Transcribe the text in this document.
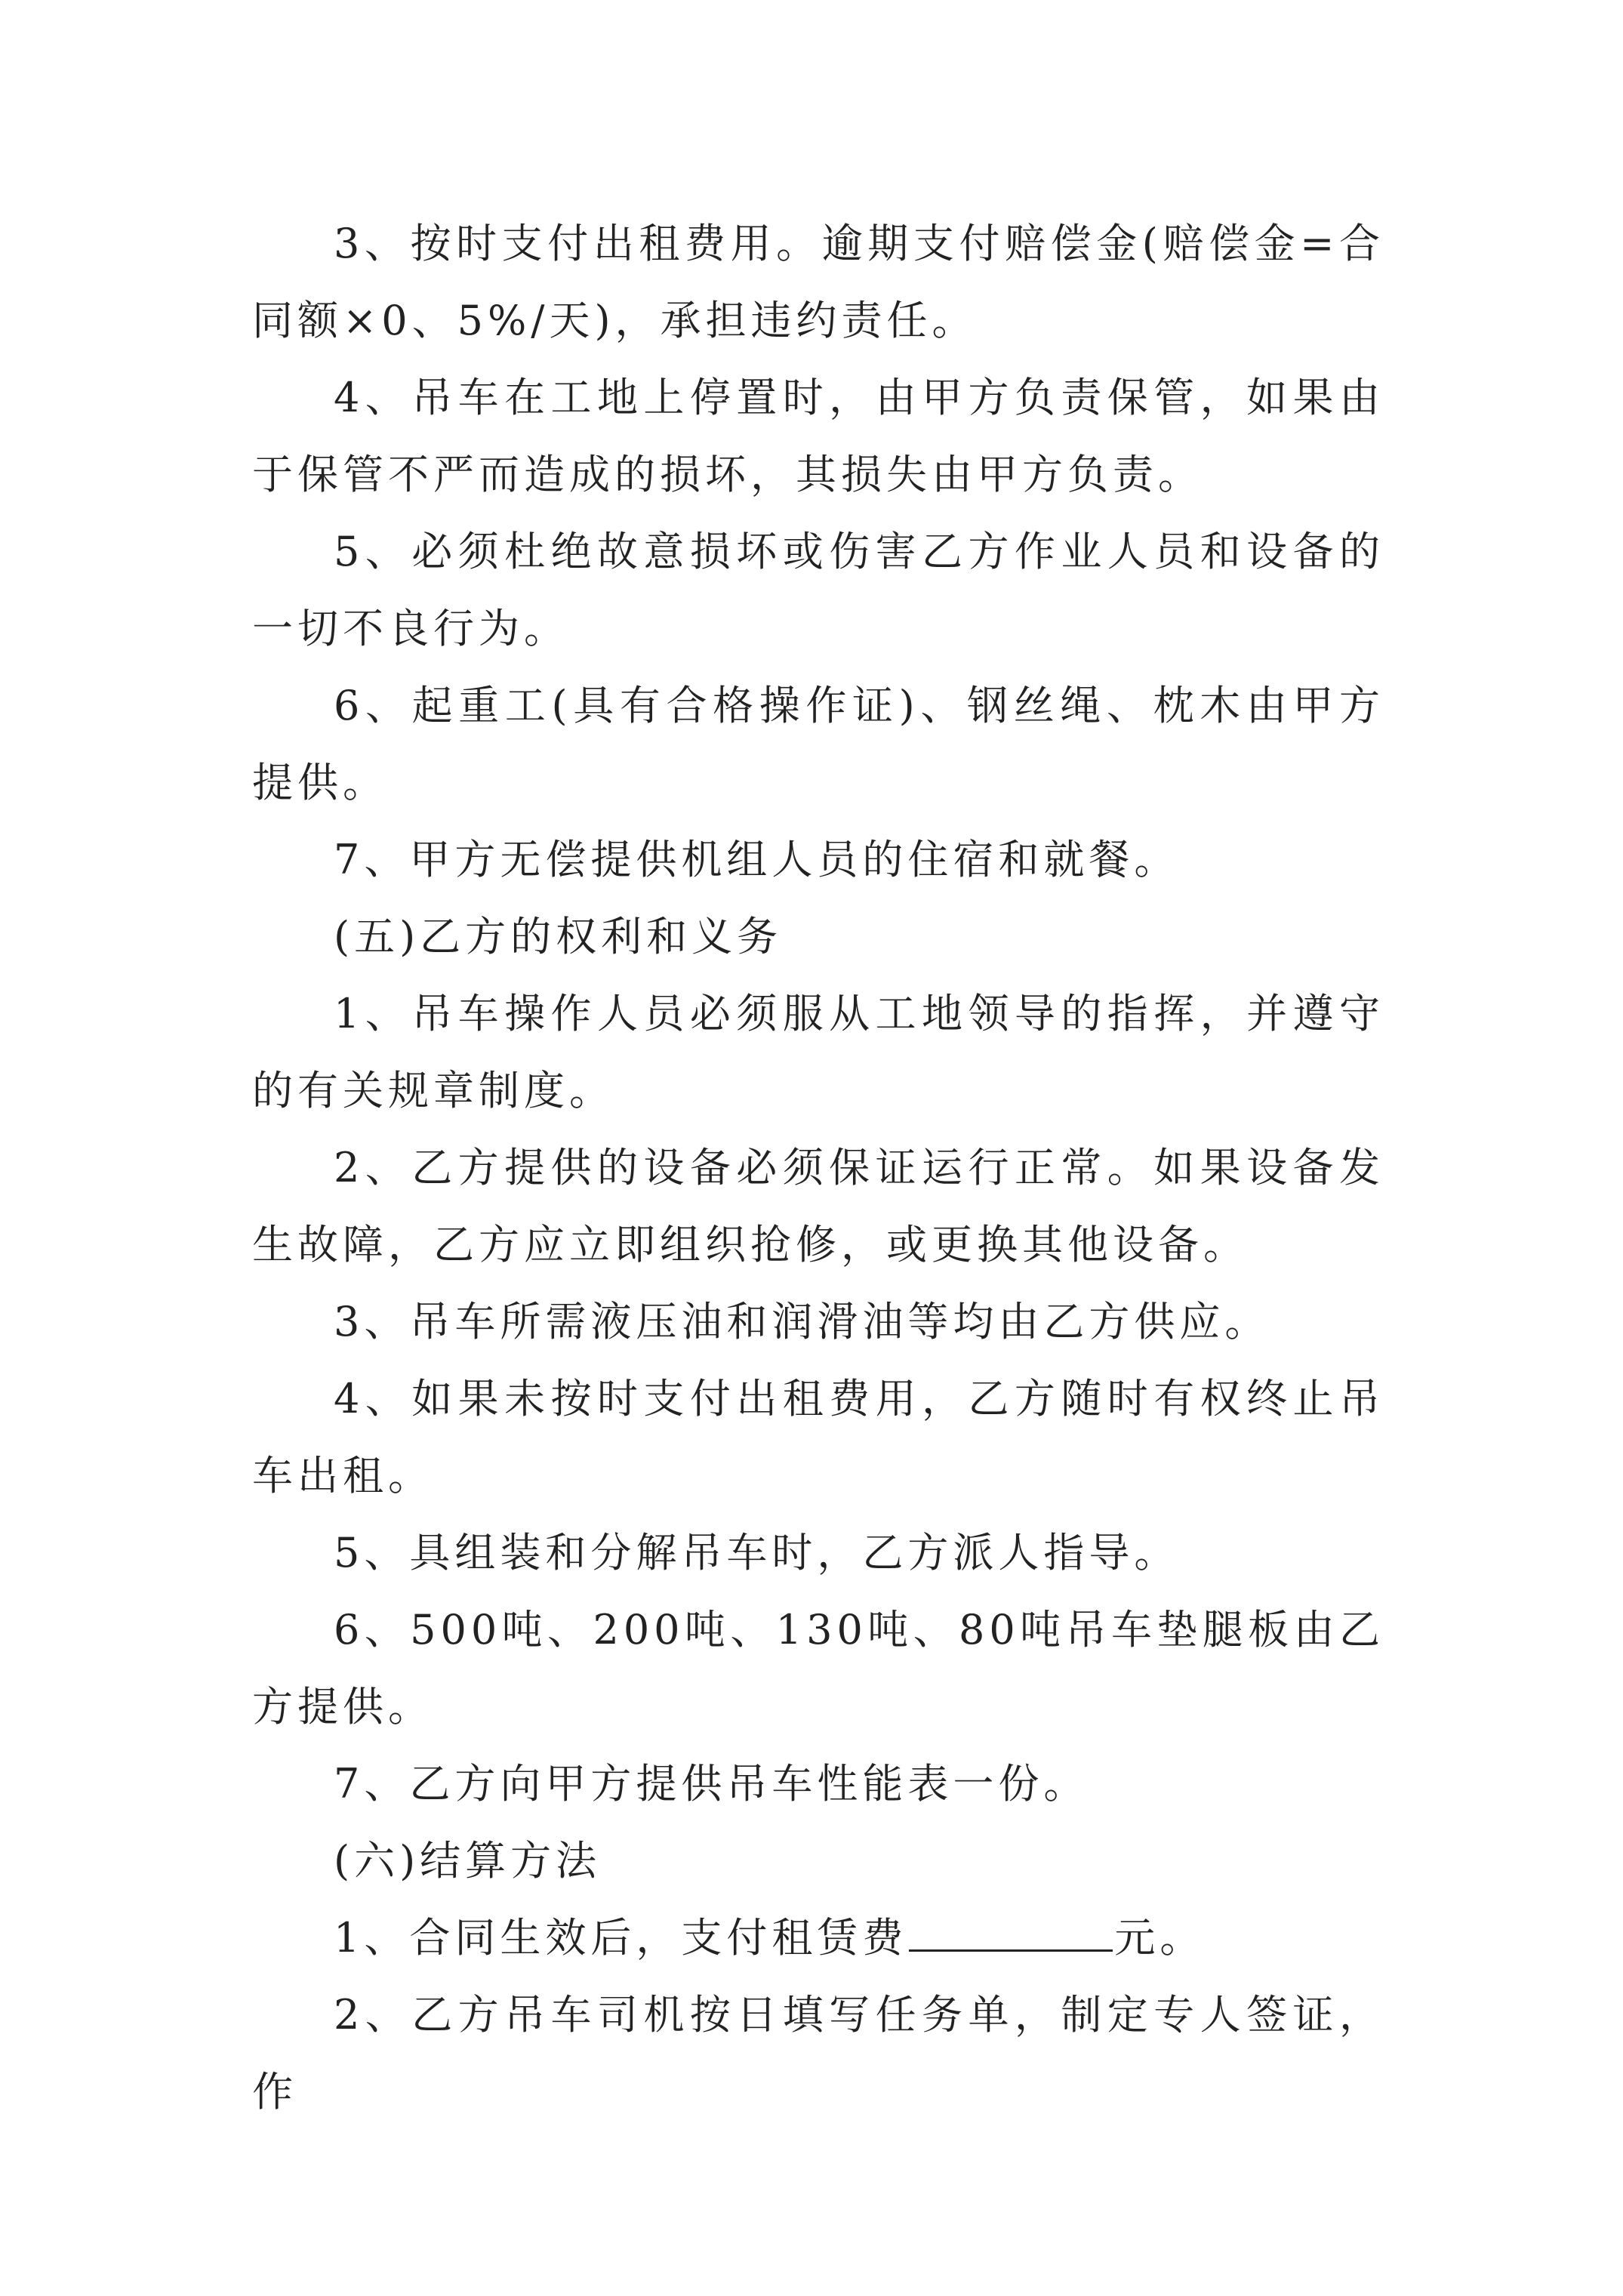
3、按时支付出租费用。逾期支付赔偿金(赔偿金=合同额×0、5%/天)，承担违约责任。

4、吊车在工地上停置时，由甲方负责保管，如果由于保管不严而造成的损坏，其损失由甲方负责。

5、必须杜绝故意损坏或伤害乙方作业人员和设备的一切不良行为。

6、起重工(具有合格操作证)、钢丝绳、枕木由甲方提供。

7、甲方无偿提供机组人员的住宿和就餐。

(五)乙方的权利和义务

1、吊车操作人员必须服从工地领导的指挥，并遵守的有关规章制度。

2、乙方提供的设备必须保证运行正常。如果设备发生故障，乙方应立即组织抢修，或更换其他设备。

3、吊车所需液压油和润滑油等均由乙方供应。

4、如果未按时支付出租费用，乙方随时有权终止吊车出租。

5、具组装和分解吊车时，乙方派人指导。

6、500吨、200吨、130吨、80吨吊车垫腿板由乙方提供。

7、乙方向甲方提供吊车性能表一份。

(六)结算方法

1、合同生效后，支付租赁费	元。

2、乙方吊车司机按日填写任务单，制定专人签证，作
